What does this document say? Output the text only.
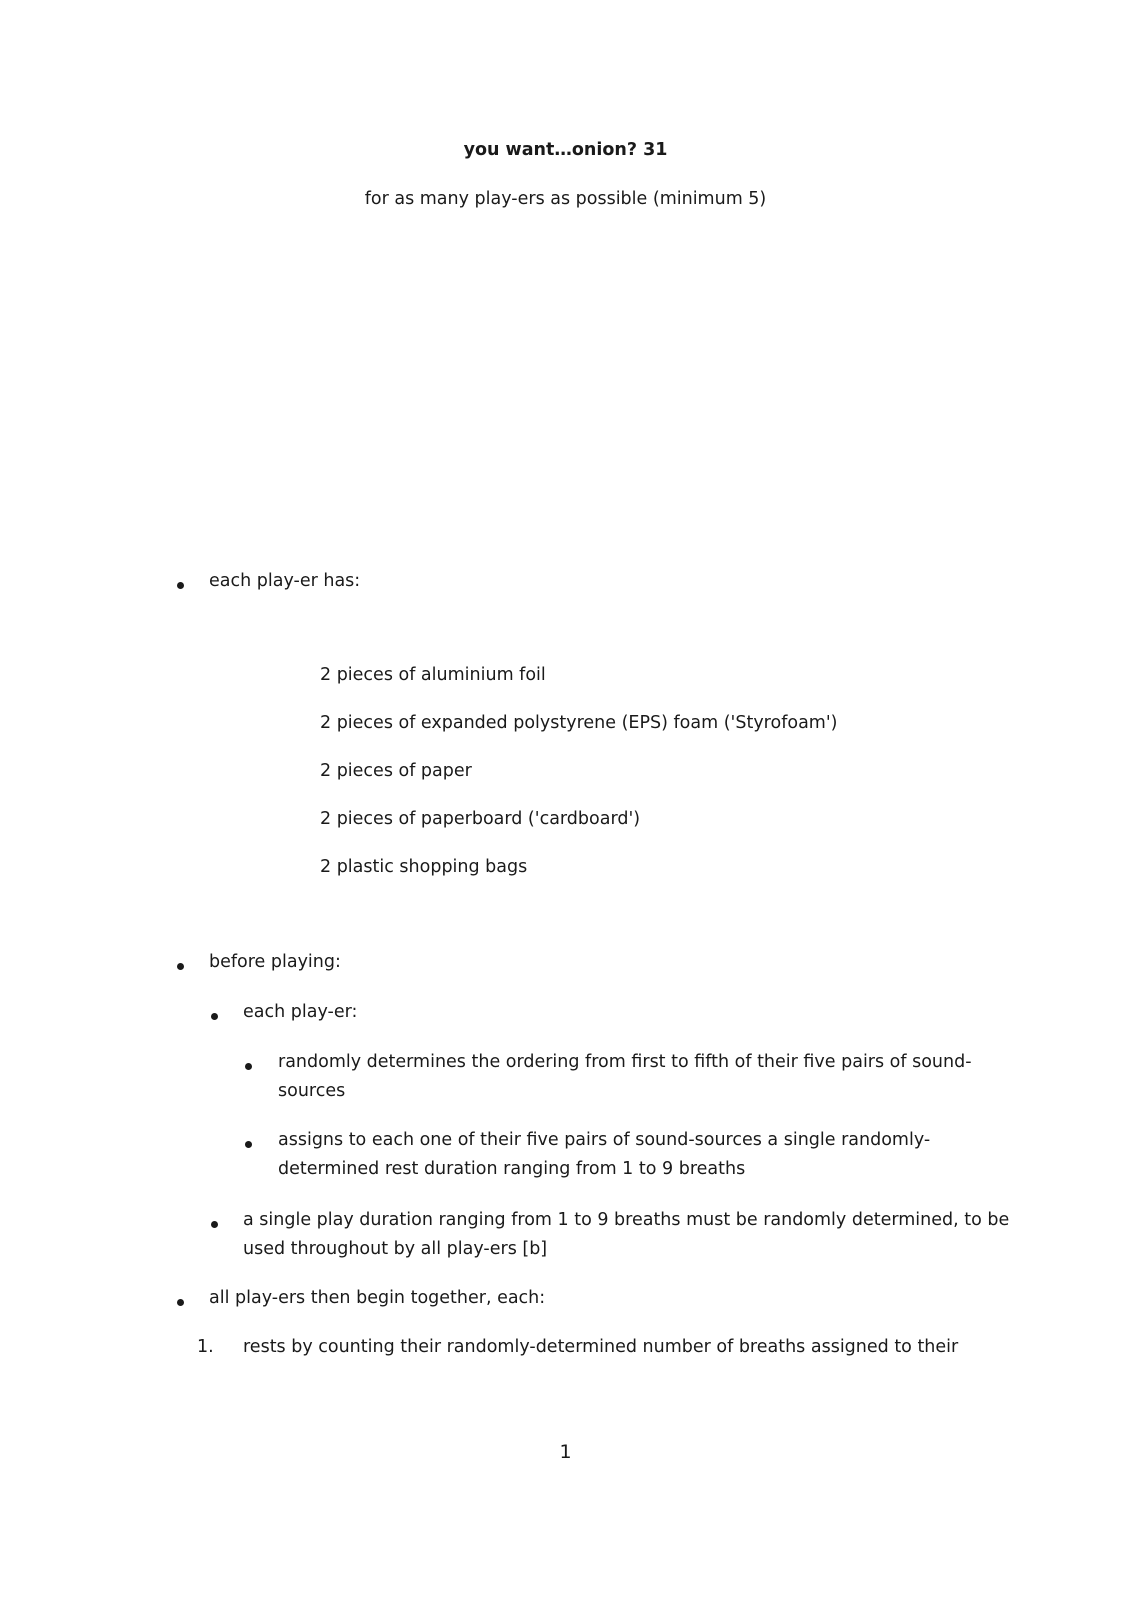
you want…onion? 31
for as many play-ers as possible (minimum 5)
each play-er has:
2 pieces of aluminium foil
2 pieces of expanded polystyrene (EPS) foam ('Styrofoam')
2 pieces of paper
2 pieces of paperboard ('cardboard')
2 plastic shopping bags
before playing:
each play-er:
randomly determines the ordering from first to fifth of their five pairs of sound-
sources
assigns to each one of their five pairs of sound-sources a single randomly-
determined rest duration ranging from 1 to 9 breaths
a single play duration ranging from 1 to 9 breaths must be randomly determined, to be
used throughout by all play-ers [b]
all play-ers then begin together, each:
1. rests by counting their randomly-determined number of breaths assigned to their
1
